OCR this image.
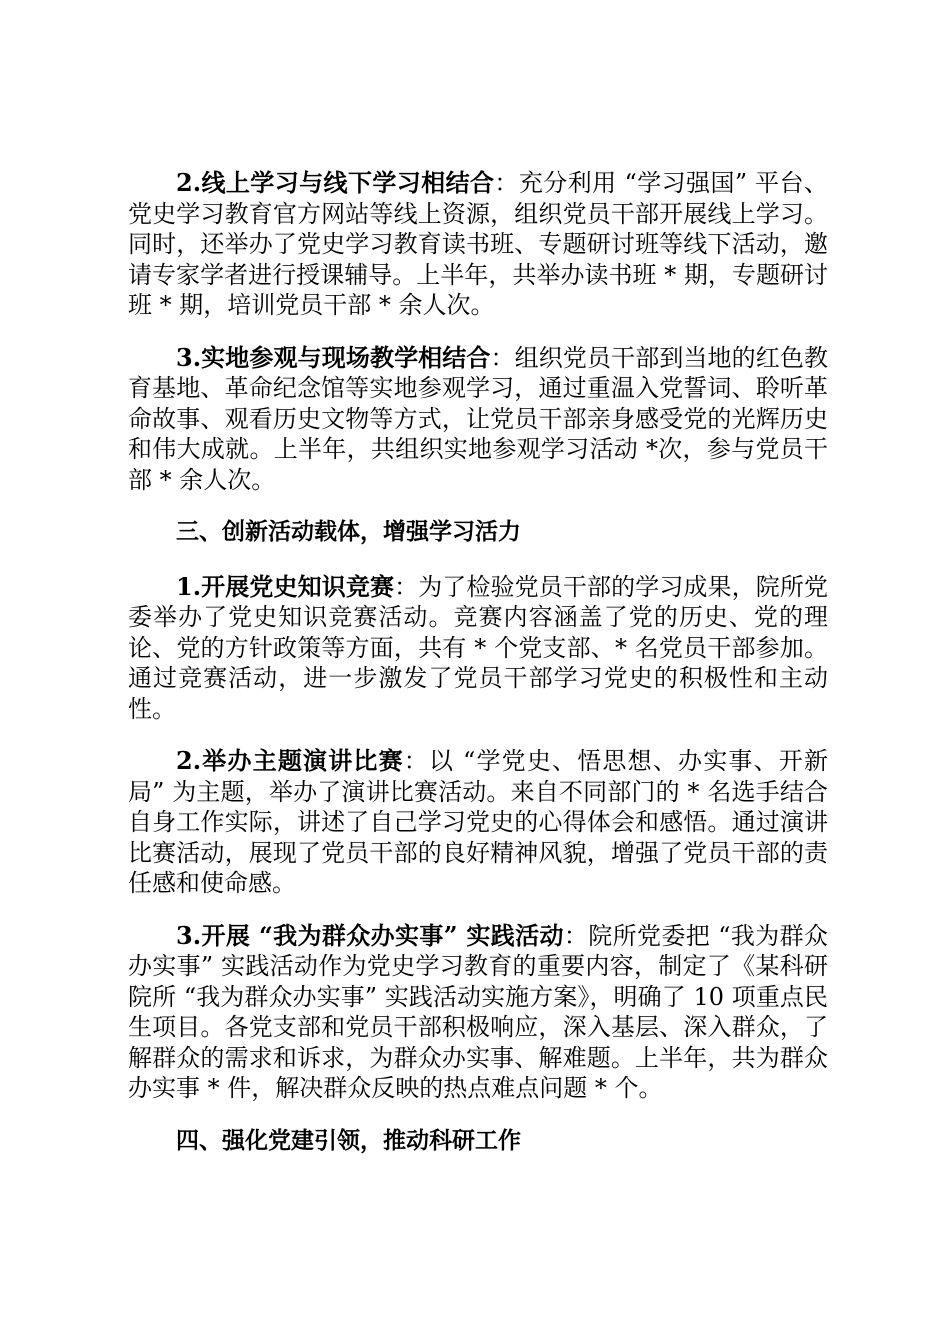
2.线上学习与线下学习相结合：充分利用 “学习强国” 平台、党史学习教育官方网站等线上资源，组织党员干部开展线上学习。同时，还举办了党史学习教育读书班、专题研讨班等线下活动，邀请专家学者进行授课辅导。上半年，共举办读书班 * 期，专题研讨班 * 期，培训党员干部 * 余人次。

3.实地参观与现场教学相结合：组织党员干部到当地的红色教育基地、革命纪念馆等实地参观学习，通过重温入党誓词、聆听革命故事、观看历史文物等方式，让党员干部亲身感受党的光辉历史和伟大成就。上半年，共组织实地参观学习活动 *次，参与党员干部 * 余人次。

三、创新活动载体，增强学习活力

1.开展党史知识竞赛：为了检验党员干部的学习成果，院所党委举办了党史知识竞赛活动。竞赛内容涵盖了党的历史、党的理论、党的方针政策等方面，共有 * 个党支部、* 名党员干部参加。通过竞赛活动，进一步激发了党员干部学习党史的积极性和主动性。

2.举办主题演讲比赛：以 “学党史、悟思想、办实事、开新局” 为主题，举办了演讲比赛活动。来自不同部门的 * 名选手结合自身工作实际，讲述了自己学习党史的心得体会和感悟。通过演讲比赛活动，展现了党员干部的良好精神风貌，增强了党员干部的责任感和使命感。

3.开展 “我为群众办实事” 实践活动：院所党委把 “我为群众办实事” 实践活动作为党史学习教育的重要内容，制定了《某科研院所 “我为群众办实事” 实践活动实施方案》，明确了 10 项重点民生项目。各党支部和党员干部积极响应，深入基层、深入群众，了解群众的需求和诉求，为群众办实事、解难题。上半年，共为群众办实事 * 件，解决群众反映的热点难点问题 * 个。

四、强化党建引领，推动科研工作
